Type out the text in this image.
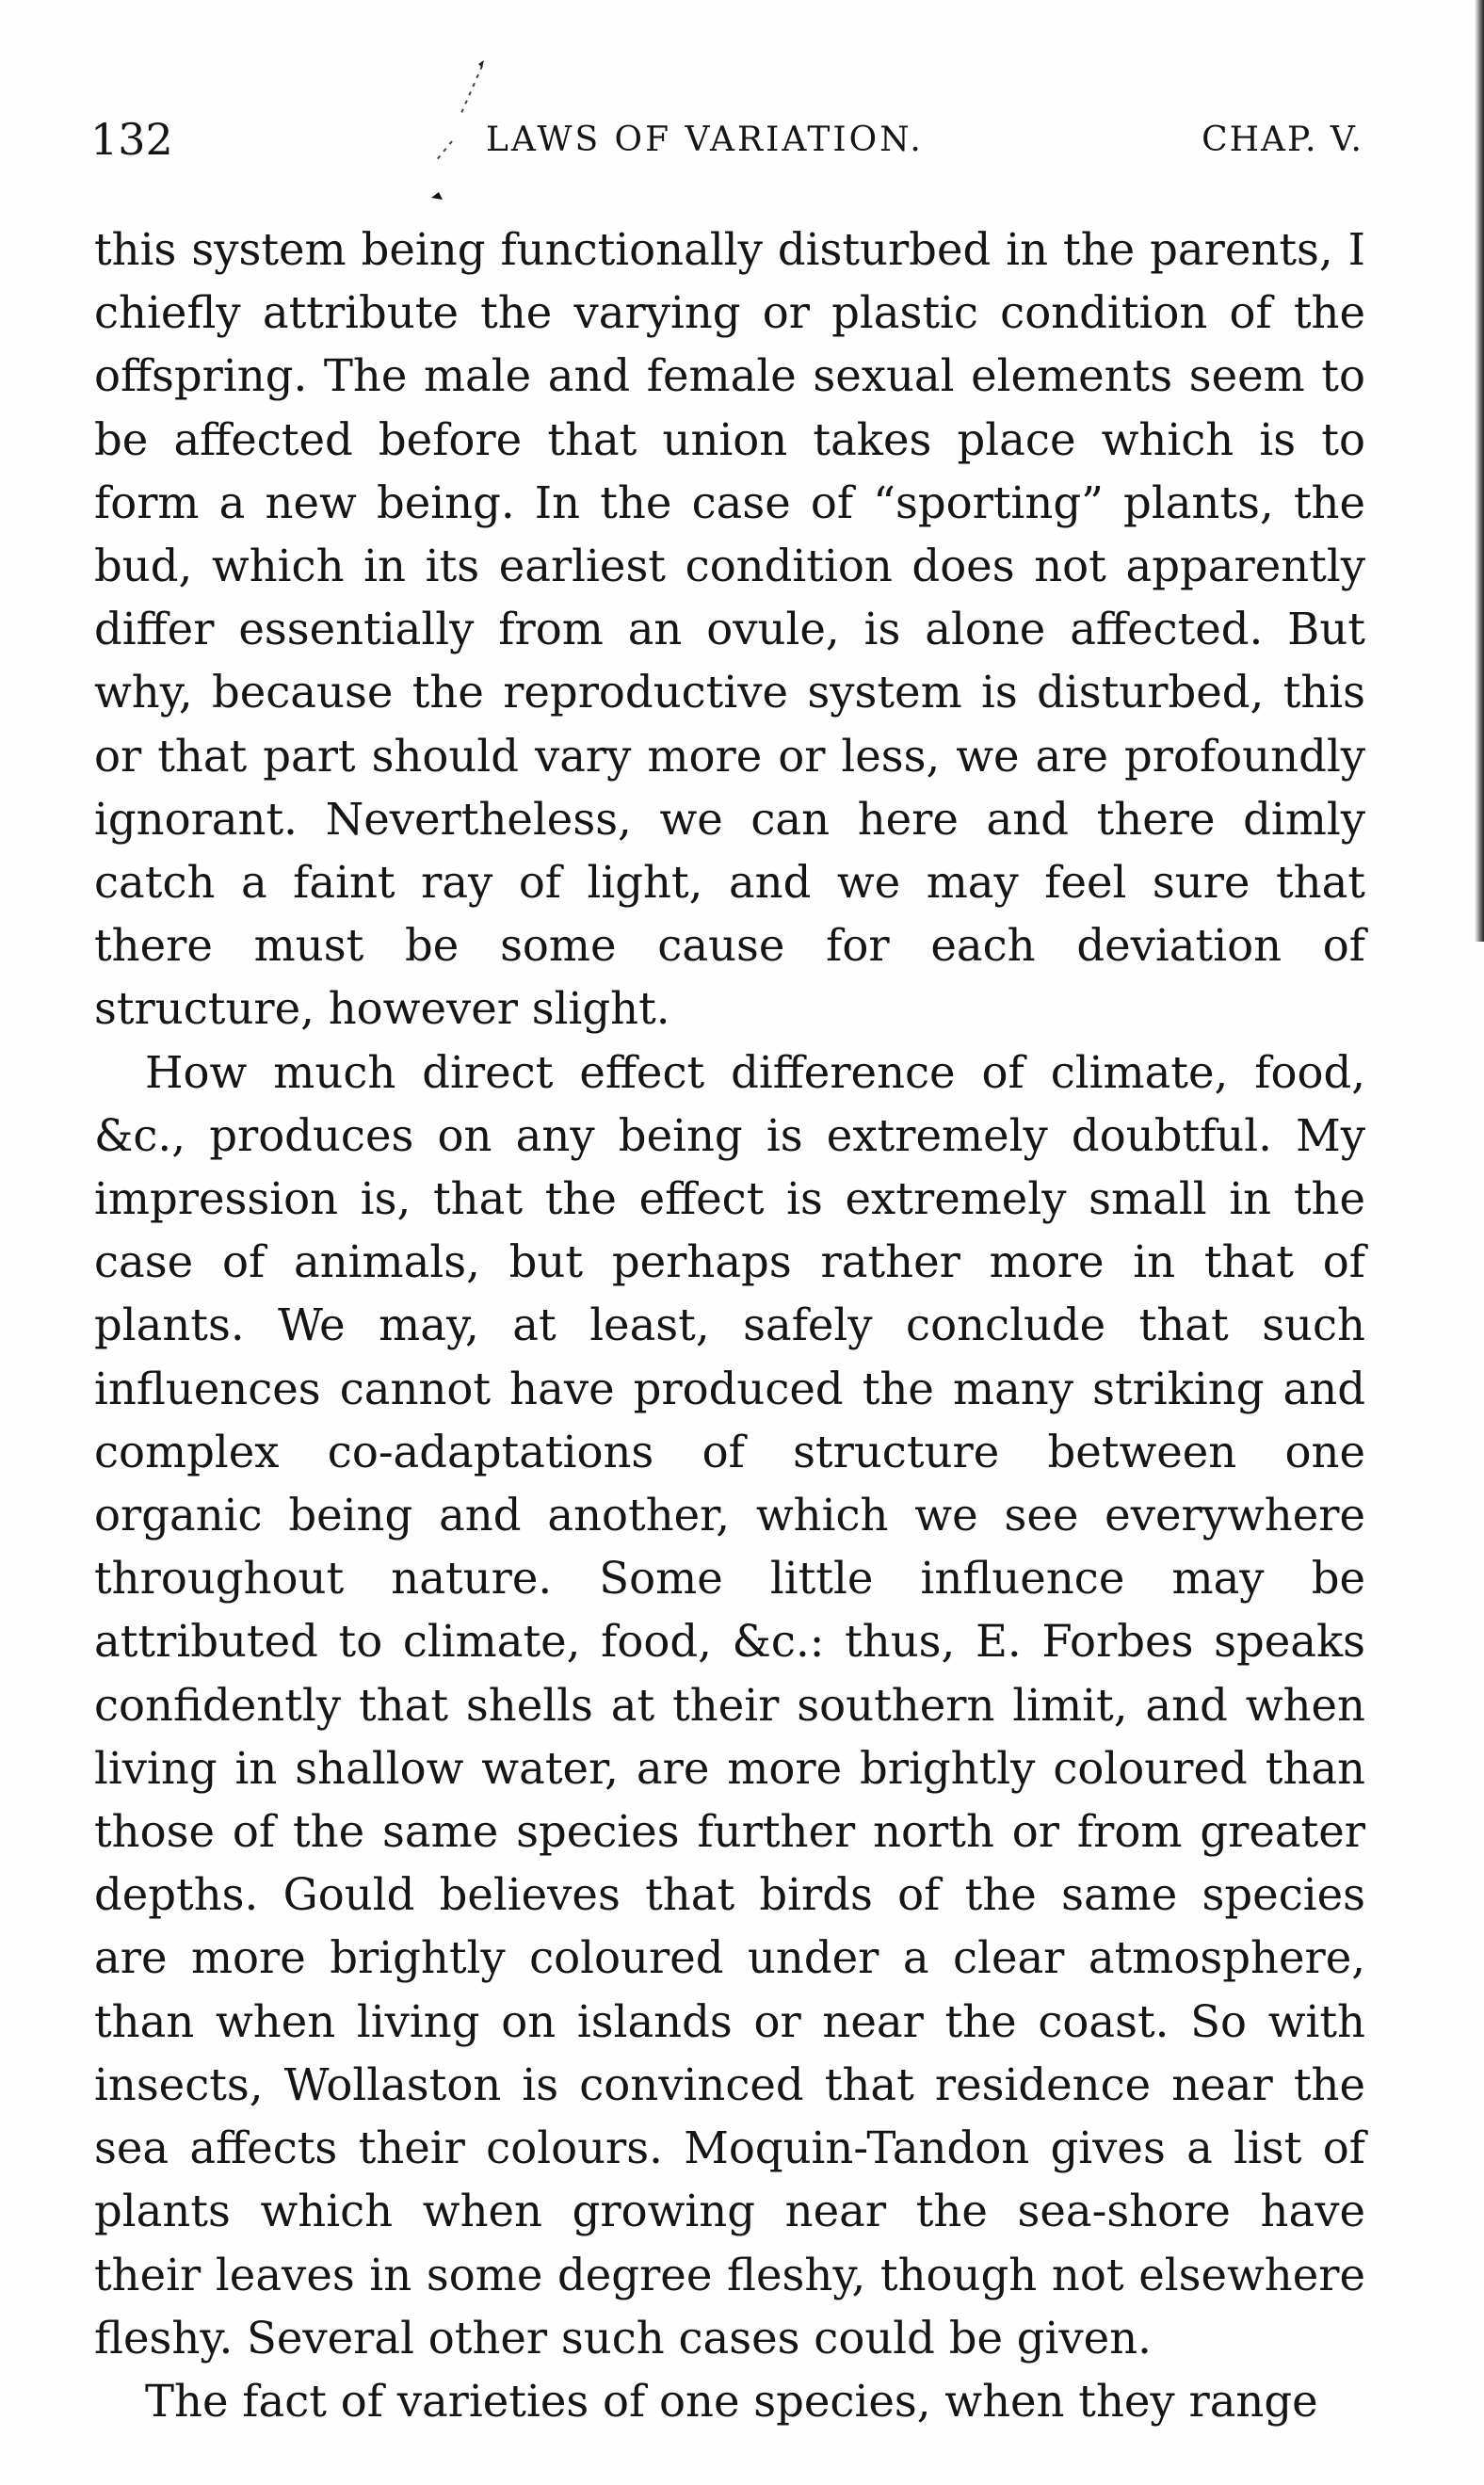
132	LAWS OF VARIATION.	CHAP. V.

this system being functionally disturbed in the parents, I chiefly attribute the varying or plastic condition of the offspring. The male and female sexual elements seem to be affected before that union takes place which is to form a new being. In the case of “sporting” plants, the bud, which in its earliest condition does not apparently differ essentially from an ovule, is alone affected. But why, because the reproductive system is disturbed, this or that part should vary more or less, we are profoundly ignorant. Nevertheless, we can here and there dimly catch a faint ray of light, and we may feel sure that there must be some cause for each deviation of structure, however slight.

How much direct effect difference of climate, food, &c., produces on any being is extremely doubtful. My impression is, that the effect is extremely small in the case of animals, but perhaps rather more in that of plants. We may, at least, safely conclude that such influences cannot have produced the many striking and complex co-adaptations of structure between one organic being and another, which we see everywhere throughout nature. Some little influence may be attributed to climate, food, &c.: thus, E. Forbes speaks confidently that shells at their southern limit, and when living in shallow water, are more brightly coloured than those of the same species further north or from greater depths. Gould believes that birds of the same species are more brightly coloured under a clear atmosphere, than when living on islands or near the coast. So with insects, Wollaston is convinced that residence near the sea affects their colours. Moquin-Tandon gives a list of plants which when growing near the sea-shore have their leaves in some degree fleshy, though not elsewhere fleshy. Several other such cases could be given.

The fact of varieties of one species, when they range
